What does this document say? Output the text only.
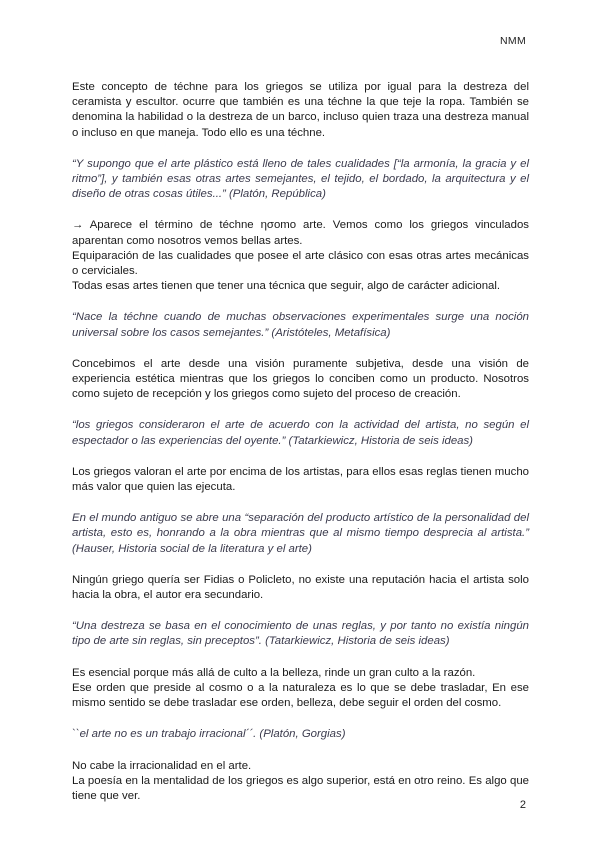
NMM

Este concepto de téchne para los griegos se utiliza por igual para la destreza del ceramista y escultor. ocurre que también es una téchne la que teje la ropa. También se denomina la habilidad o la destreza de un barco, incluso quien traza una destreza manual o incluso en que maneja. Todo ello es una téchne.

“Y supongo que el arte plástico está lleno de tales cualidades [“la armonía, la gracia y el ritmo”], y también esas otras artes semejantes, el tejido, el bordado, la arquitectura y el diseño de otras cosas útiles...” (Platón, República)

→ Aparece el término de téchne ησomo arte. Vemos como los griegos vinculados aparentan como nosotros vemos bellas artes.

Equiparación de las cualidades que posee el arte clásico con esas otras artes mecánicas o cerviciales.

Todas esas artes tienen que tener una técnica que seguir, algo de carácter adicional.

“Nace la téchne cuando de muchas observaciones experimentales surge una noción universal sobre los casos semejantes.” (Aristóteles, Metafísica)

Concebimos el arte desde una visión puramente subjetiva, desde una visión de experiencia estética mientras que los griegos lo conciben como un producto. Nosotros como sujeto de recepción y los griegos como sujeto del proceso de creación.

“los griegos consideraron el arte de acuerdo con la actividad del artista, no según el espectador o las experiencias del oyente.” (Tatarkiewicz, Historia de seis ideas)

Los griegos valoran el arte por encima de los artistas, para ellos esas reglas tienen mucho más valor que quien las ejecuta.

En el mundo antiguo se abre una “separación del producto artístico de la personalidad del artista, esto es, honrando a la obra mientras que al mismo tiempo desprecia al artista.” (Hauser, Historia social de la literatura y el arte)

Ningún griego quería ser Fidias o Policleto, no existe una reputación hacia el artista solo hacia la obra, el autor era secundario.

“Una destreza se basa en el conocimiento de unas reglas, y por tanto no existía ningún tipo de arte sin reglas, sin preceptos”. (Tatarkiewicz, Historia de seis ideas)

Es esencial porque más allá de culto a la belleza, rinde un gran culto a la razón.

Ese orden que preside al cosmo o a la naturaleza es lo que se debe trasladar, En ese mismo sentido se debe trasladar ese orden, belleza, debe seguir el orden del cosmo.

``el arte no es un trabajo irracional´´. (Platón, Gorgias)

No cabe la irracionalidad en el arte.

La poesía en la mentalidad de los griegos es algo superior, está en otro reino. Es algo que tiene que ver.

2
